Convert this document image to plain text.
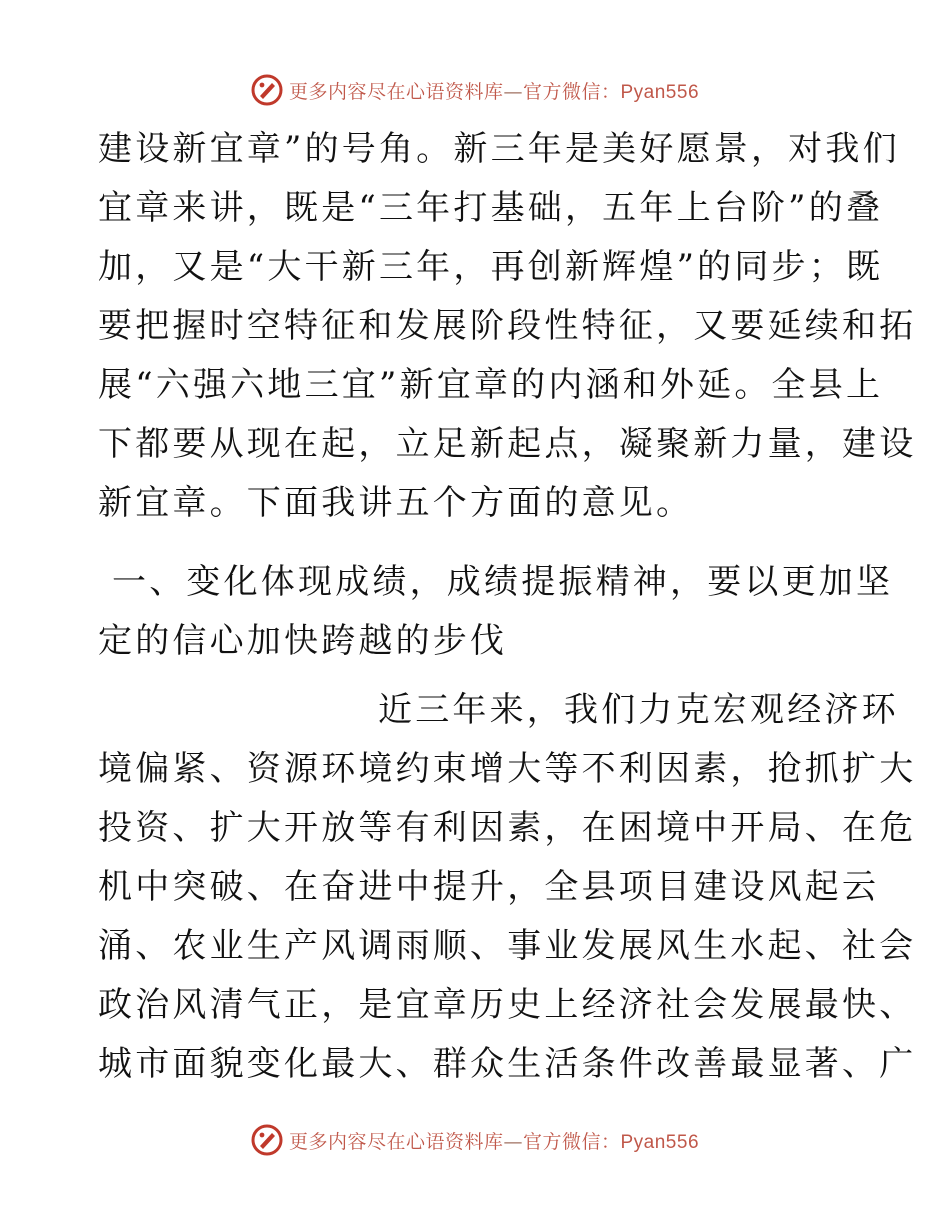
更多内容尽在心语资料库—官方微信：Pyan556
建设新宜章”的号角。新三年是美好愿景，对我们
宜章来讲，既是“三年打基础，五年上台阶”的叠
加，又是“大干新三年，再创新辉煌”的同步；既
要把握时空特征和发展阶段性特征，又要延续和拓
展“六强六地三宜”新宜章的内涵和外延。全县上
下都要从现在起，立足新起点，凝聚新力量，建设
新宜章。下面我讲五个方面的意见。
一、变化体现成绩，成绩提振精神，要以更加坚
定的信心加快跨越的步伐
近三年来，我们力克宏观经济环
境偏紧、资源环境约束增大等不利因素，抢抓扩大
投资、扩大开放等有利因素，在困境中开局、在危
机中突破、在奋进中提升，全县项目建设风起云
涌、农业生产风调雨顺、事业发展风生水起、社会
政治风清气正，是宜章历史上经济社会发展最快、
城市面貌变化最大、群众生活条件改善最显著、广
更多内容尽在心语资料库—官方微信：Pyan556
